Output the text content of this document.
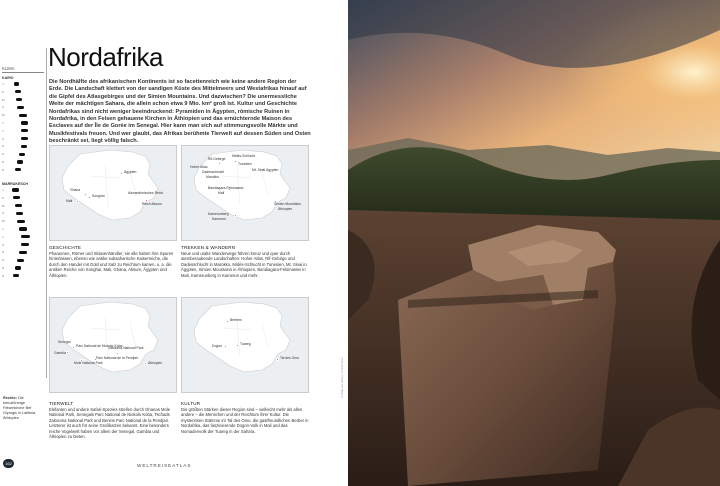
KLIMA
KAIRO
J
F
M
A
M
J
J
A
S
O
N
D
MARRAKESCH
J
F
M
A
M
J
J
A
S
O
N
D
Nordafrika

Die Nordhälfte des afrikanischen Kontinents ist so facettenreich wie keine andere Region der Erde. Die Landschaft klettert von der sandigen Küste des Mittelmeers und Westafrikas hinauf auf die Gipfel des Atlasgebirges und der Simien Mountains. Und dazwischen? Die unermessliche Weite der mächtigen Sahara, die allein schon etwa 9 Mio. km² groß ist. Kultur und Geschichte Nordafrikas sind nicht weniger beeindruckend: Pyramiden in Ägypten, römische Ruinen in Nordafrika, in den Felsen gehauene Kirchen in Äthiopien und das ernüchternde Maison des Esclaves auf der Île de Gorée im Senegal. Hier kann man sich auf stimmungsvolle Märkte und Musikfestivals freuen. Und wer glaubt, das Afrikas berühmte Tierwelt auf dessen Süden und Osten beschränkt sei, liegt völlig falsch.

Ägypten
Ghana
Songhai
Mali
Reich Aksum
Alexandrinisches Reich
Rif-Gebirge
Hoher Atlas
Dadesschlucht
Marokko
Midès-Schlucht
Tunesien
Mt. Sinai Ägypten
Bandiagara-Felsmassiv
Mali
Simien Mountains
Äthiopien
Kamerunberg
Kamerun
GESCHICHTE
Pharaonen, Römer und Sklavenhändler, sie alle haben ihre Spuren hinterlassen, ebenso wie antike subsaharische Kaiserreiche, die durch den Handel mit Gold und Salz zu Reichtum kamen, u. a. die antiken Reiche von Songhai, Mali, Ghana, Aksum, Ägypten und Äthiopien.
TREKKEN & WANDERN
Neue und uralte Wanderwege führen kreuz und quer durch atemberaubende Landschaften: Hoher Atlas, Rif-Gebirge und Dadesschlucht in Marokko, Midès-Schlucht in Tunesien, Mt. Sinai in Ägypten, Simien Mountains in Äthiopien, Bandiagara-Felsmassiv in Mali, Kamerunberg in Kamerun und mehr.
Senegal
Gambia
Parc National de Niokolo-Koba
Mole National Park
Parc National de la Pendjari
Äthiopien
Zakouma National Park
Berbers
Dogon	Tuareg
Tal des Omo
TIERWELT
Elefanten und andere Safari-Spezies streifen durch Ghanas Mole National Park, Senegals Parc National de Niokolo Koba, Tschads Zakouma National Park und Benins Parc National de la Pendjari. Letzterer ist auch für seine Großkatzen bekannt. Eine besonders reiche Vogelwelt haben vor allem der Senegal, Gambia und Äthiopien zu bieten.
KULTUR
Die größten Stärken dieser Region sind – vielleicht mehr als alles andere – die Menschen und der Reichtum ihrer Kultur. Die mysteriösen Stämme im Tal des Omo, die gastfreundlichen Berber in Nordafrika, das faszinierende Dogon-Volk in Mali und das Nomadenvolk der Tuareg in der Sahara.
Rechts: Die kreuzförmige Felsenkirche Bet Giyorgis in Lalibela, Äthiopien
162	WELTREISEATLAS
© Philip Lee Harvey / Lonely Planet
